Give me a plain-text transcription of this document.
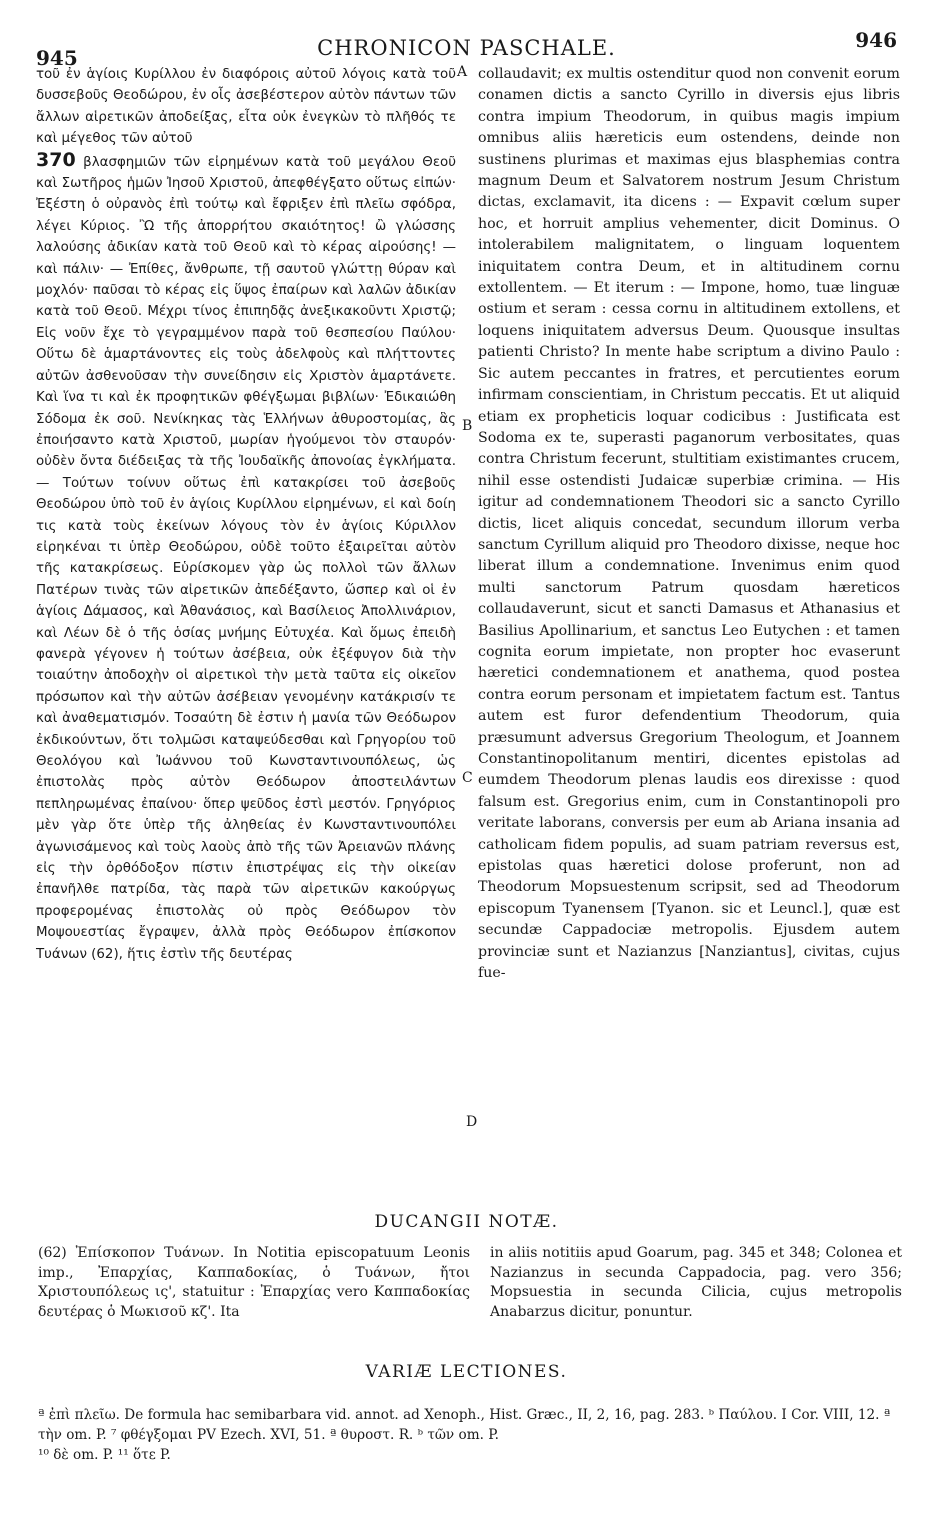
945	CHRONICON PASCHALE.	946

τοῦ ἐν ἁγίοις Κυρίλλου ἐν διαφόροις αὐτοῦ λόγοις κατὰ τοῦ δυσσεβοῦς Θεοδώρου, ἐν οἷς ἀσεβέστερον αὐτὸν πάντων τῶν ἄλλων αἱρετικῶν ἀποδείξας, εἶτα οὐκ ἐνεγκὼν τὸ πλῆθός τε καὶ μέγεθος τῶν αὐτοῦ

370 βλασφημιῶν τῶν εἰρημένων κατὰ τοῦ μεγάλου Θεοῦ καὶ Σωτῆρος ἡμῶν Ἰησοῦ Χριστοῦ, ἀπεφθέγξατο οὕτως εἰπών· Ἐξέστη ὁ οὐρανὸς ἐπὶ τούτῳ καὶ ἔφριξεν ἐπὶ πλεῖω σφόδρα, λέγει Κύριος. Ὢ τῆς ἀπορρήτου σκαιότητος! ὢ γλώσσης λαλούσης ἀδικίαν κατὰ τοῦ Θεοῦ καὶ τὸ κέρας αἰρούσης! — καὶ πάλιν· — Ἐπίθες, ἄνθρωπε, τῇ σαυτοῦ γλώττῃ θύραν καὶ μοχλόν· παῦσαι τὸ κέρας εἰς ὕψος ἐπαίρων καὶ λαλῶν ἀδικίαν κατὰ τοῦ Θεοῦ. Μέχρι τίνος ἐπιπηδᾷς ἀνεξικακοῦντι Χριστῷ; Εἰς νοῦν ἔχε τὸ γεγραμμένον παρὰ τοῦ θεσπεσίου Παύλου· Οὕτω δὲ ἁμαρτάνοντες εἰς τοὺς ἀδελφοὺς καὶ πλήττοντες αὐτῶν ἀσθενοῦσαν τὴν συνείδησιν εἰς Χριστὸν ἁμαρτάνετε. Καὶ ἵνα τι καὶ ἐκ προφητικῶν φθέγξωμαι βιβλίων· Ἐδικαιώθη Σόδομα ἐκ σοῦ. Νενίκηκας τὰς Ἑλλήνων ἀθυροστομίας, ἃς ἐποιήσαντο κατὰ Χριστοῦ, μωρίαν ἡγούμενοι τὸν σταυρόν· οὐδὲν ὄντα διέδειξας τὰ τῆς Ἰουδαϊκῆς ἀπονοίας ἐγκλήματα. — Τούτων τοίνυν οὕτως ἐπὶ κατακρίσει τοῦ ἀσεβοῦς Θεοδώρου ὑπὸ τοῦ ἐν ἁγίοις Κυρίλλου εἰρημένων, εἰ καὶ δοίη τις κατὰ τοὺς ἐκείνων λόγους τὸν ἐν ἁγίοις Κύριλλον εἰρηκέναι τι ὑπὲρ Θεοδώρου, οὐδὲ τοῦτο ἐξαιρεῖται αὐτὸν τῆς κατακρίσεως. Εὑρίσκομεν γὰρ ὡς πολλοὶ τῶν ἄλλων Πατέρων τινὰς τῶν αἱρετικῶν ἀπεδέξαντο, ὥσπερ καὶ οἱ ἐν ἁγίοις Δάμασος, καὶ Ἀθανάσιος, καὶ Βασίλειος Ἀπολλινάριον, καὶ Λέων δὲ ὁ τῆς ὁσίας μνήμης Εὐτυχέα. Καὶ ὅμως ἐπειδὴ φανερὰ γέγονεν ἡ τούτων ἀσέβεια, οὐκ ἐξέφυγον διὰ τὴν τοιαύτην ἀποδοχὴν οἱ αἱρετικοὶ τὴν μετὰ ταῦτα εἰς οἰκεῖον πρόσωπον καὶ τὴν αὐτῶν ἀσέβειαν γενομένην κατάκρισίν τε καὶ ἀναθεματισμόν. Τοσαύτη δὲ ἐστιν ἡ μανία τῶν Θεόδωρον ἐκδικούντων, ὅτι τολμῶσι καταψεύδεσθαι καὶ Γρηγορίου τοῦ Θεολόγου καὶ Ἰωάννου τοῦ Κωνσταντινουπόλεως, ὡς ἐπιστολὰς πρὸς αὐτὸν Θεόδωρον ἀποστειλάντων πεπληρωμένας ἐπαίνου· ὅπερ ψεῦδος ἐστὶ μεστόν. Γρηγόριος μὲν γὰρ ὅτε ὑπὲρ τῆς ἀληθείας ἐν Κωνσταντινουπόλει ἀγωνισάμενος καὶ τοὺς λαοὺς ἀπὸ τῆς τῶν Ἀρειανῶν πλάνης εἰς τὴν ὀρθόδοξον πίστιν ἐπιστρέψας εἰς τὴν οἰκείαν ἐπανῆλθε πατρίδα, τὰς παρὰ τῶν αἱρετικῶν κακούργως προφερομένας ἐπιστολὰς οὐ πρὸς Θεόδωρον τὸν Μοψουεστίας ἔγραψεν, ἀλλὰ πρὸς Θεόδωρον ἐπίσκοπον Τυάνων (62), ἥτις ἐστὶν τῆς δευτέρας

A
B
C
D

collaudavit; ex multis ostenditur quod non convenit eorum conamen dictis a sancto Cyrillo in diversis ejus libris contra impium Theodorum, in quibus magis impium omnibus aliis hæreticis eum ostendens, deinde non sustinens plurimas et maximas ejus blasphemias contra magnum Deum et Salvatorem nostrum Jesum Christum dictas, exclamavit, ita dicens : — Expavit cœlum super hoc, et horruit amplius vehementer, dicit Dominus. O intolerabilem malignitatem, o linguam loquentem iniquitatem contra Deum, et in altitudinem cornu extollentem. — Et iterum : — Impone, homo, tuæ linguæ ostium et seram : cessa cornu in altitudinem extollens, et loquens iniquitatem adversus Deum. Quousque insultas patienti Christo? In mente habe scriptum a divino Paulo : Sic autem peccantes in fratres, et percutientes eorum infirmam conscientiam, in Christum peccatis. Et ut aliquid etiam ex propheticis loquar codicibus : Justificata est Sodoma ex te, superasti paganorum verbositates, quas contra Christum fecerunt, stultitiam existimantes crucem, nihil esse ostendisti Judaicæ superbiæ crimina. — His igitur ad condemnationem Theodori sic a sancto Cyrillo dictis, licet aliquis concedat, secundum illorum verba sanctum Cyrillum aliquid pro Theodoro dixisse, neque hoc liberat illum a condemnatione. Invenimus enim quod multi sanctorum Patrum quosdam hæreticos collaudaverunt, sicut et sancti Damasus et Athanasius et Basilius Apollinarium, et sanctus Leo Eutychen : et tamen cognita eorum impietate, non propter hoc evaserunt hæretici condemnationem et anathema, quod postea contra eorum personam et impietatem factum est. Tantus autem est furor defendentium Theodorum, quia præsumunt adversus Gregorium Theologum, et Joannem Constantinopolitanum mentiri, dicentes epistolas ad eumdem Theodorum plenas laudis eos direxisse : quod falsum est. Gregorius enim, cum in Constantinopoli pro veritate laborans, conversis per eum ab Ariana insania ad catholicam fidem populis, ad suam patriam reversus est, epistolas quas hæretici dolose proferunt, non ad Theodorum Mopsuestenum scripsit, sed ad Theodorum episcopum Tyanensem [Tyanon. sic et Leuncl.], quæ est secundæ Cappadociæ metropolis. Ejusdem autem provinciæ sunt et Nazianzus [Nanziantus], civitas, cujus fue-

DUCANGII NOTÆ.
(62) Ἐπίσκοπον Τυάνων. In Notitia episcopatuum Leonis imp., Ἐπαρχίας, Καππαδοκίας, ὁ Τυάνων, ἤτοι Χριστουπόλεως ις', statuitur : Ἐπαρχίας vero Καππαδοκίας δευτέρας ὁ Μωκισοῦ κζ'. Ita
in aliis notitiis apud Goarum, pag. 345 et 348; Colonea et Nazianzus in secunda Cappadocia, pag. vero 356; Mopsuestia in secunda Cilicia, cujus metropolis Anabarzus dicitur, ponuntur.
VARIÆ LECTIONES.
ª ἐπὶ πλεῖω. De formula hac semibarbara vid. annot. ad Xenoph., Hist. Græc., II, 2, 16, pag. 283. ᵇ Παύλου. I Cor. VIII, 12. ª τὴν om. P. ⁷ φθέγξομαι PV Ezech. XVI, 51. ª θυροστ. R. ᵇ τῶν om. P.
¹⁰ δὲ om. P. ¹¹ ὅτε P.
